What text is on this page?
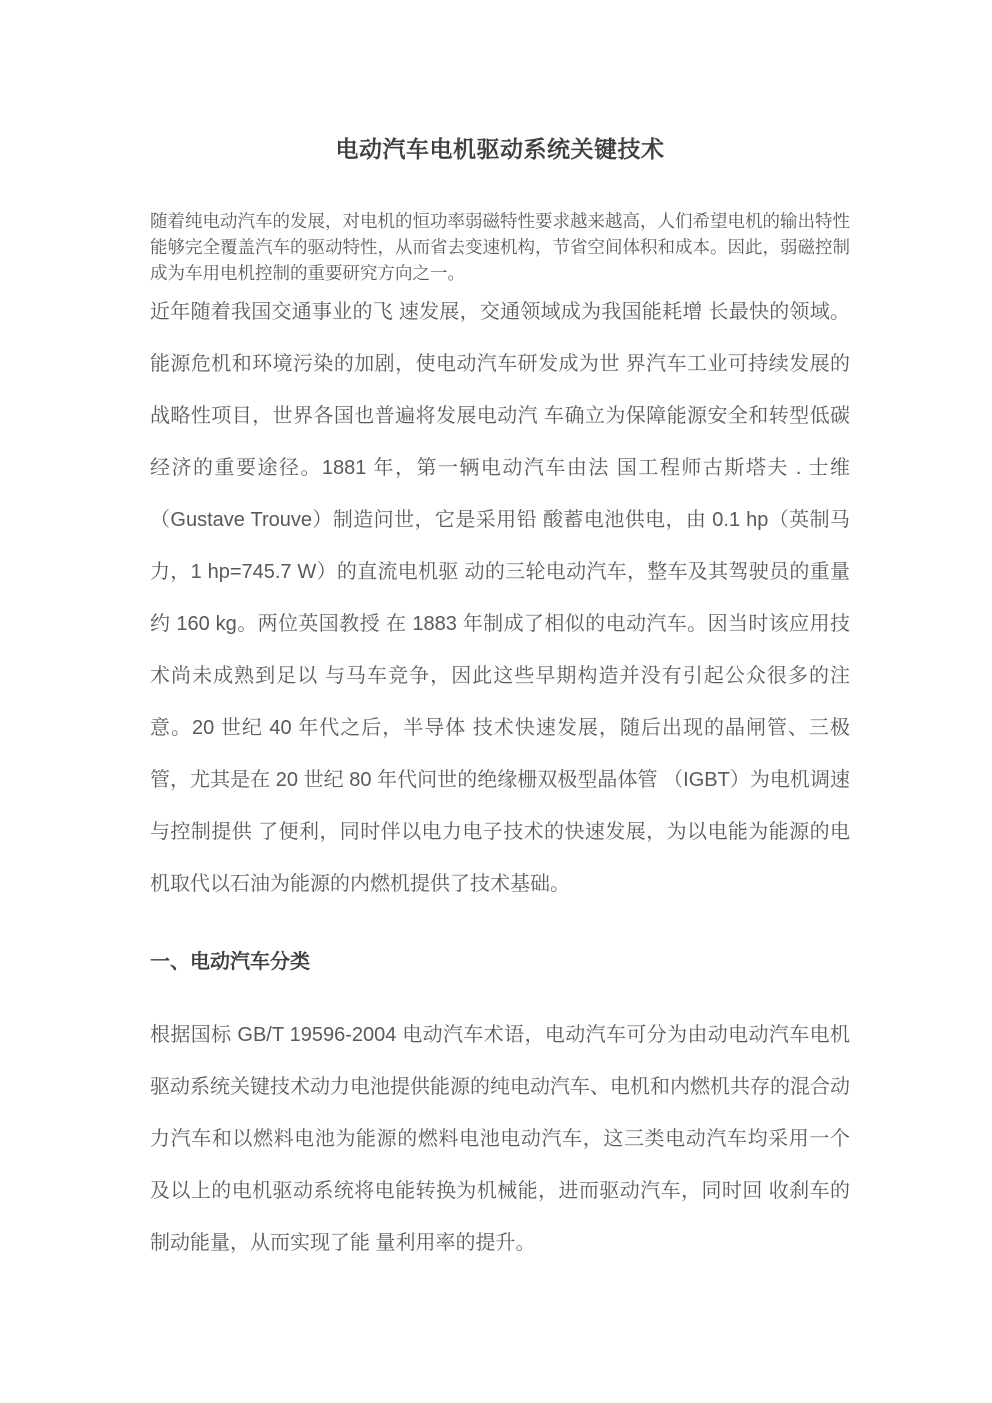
电动汽车电机驱动系统关键技术

随着纯电动汽车的发展，对电机的恒功率弱磁特性要求越来越高，人们希望电机的输出特性能够完全覆盖汽车的驱动特性，从而省去变速机构，节省空间体积和成本。因此，弱磁控制成为车用电机控制的重要研究方向之一。

近年随着我国交通事业的飞 速发展，交通领域成为我国能耗增 长最快的领域。能源危机和环境污染的加剧，使电动汽车研发成为世 界汽车工业可持续发展的战略性项目，世界各国也普遍将发展电动汽 车确立为保障能源安全和转型低碳经济的重要途径。1881 年，第一辆电动汽车由法 国工程师古斯塔夫 . 士维 （Gustave Trouve）制造问世，它是采用铅 酸蓄电池供电，由 0.1 hp（英制马 力，1 hp=745.7 W）的直流电机驱 动的三轮电动汽车，整车及其驾驶员的重量约 160 kg。两位英国教授 在 1883 年制成了相似的电动汽车。因当时该应用技术尚未成熟到足以 与马车竞争，因此这些早期构造并没有引起公众很多的注意。20 世纪 40 年代之后，半导体 技术快速发展，随后出现的晶闸管、三极管，尤其是在 20 世纪 80 年代问世的绝缘栅双极型晶体管 （IGBT）为电机调速与控制提供 了便利，同时伴以电力电子技术的快速发展，为以电能为能源的电机取代以石油为能源的内燃机提供了技术基础。

一、电动汽车分类

根据国标 GB/T 19596-2004 电动汽车术语，电动汽车可分为由动电动汽车电机驱动系统关键技术动力电池提供能源的纯电动汽车、电机和内燃机共存的混合动力汽车和以燃料电池为能源的燃料电池电动汽车，这三类电动汽车均采用一个 及以上的电机驱动系统将电能转换为机械能，进而驱动汽车，同时回 收刹车的制动能量，从而实现了能 量利用率的提升。
